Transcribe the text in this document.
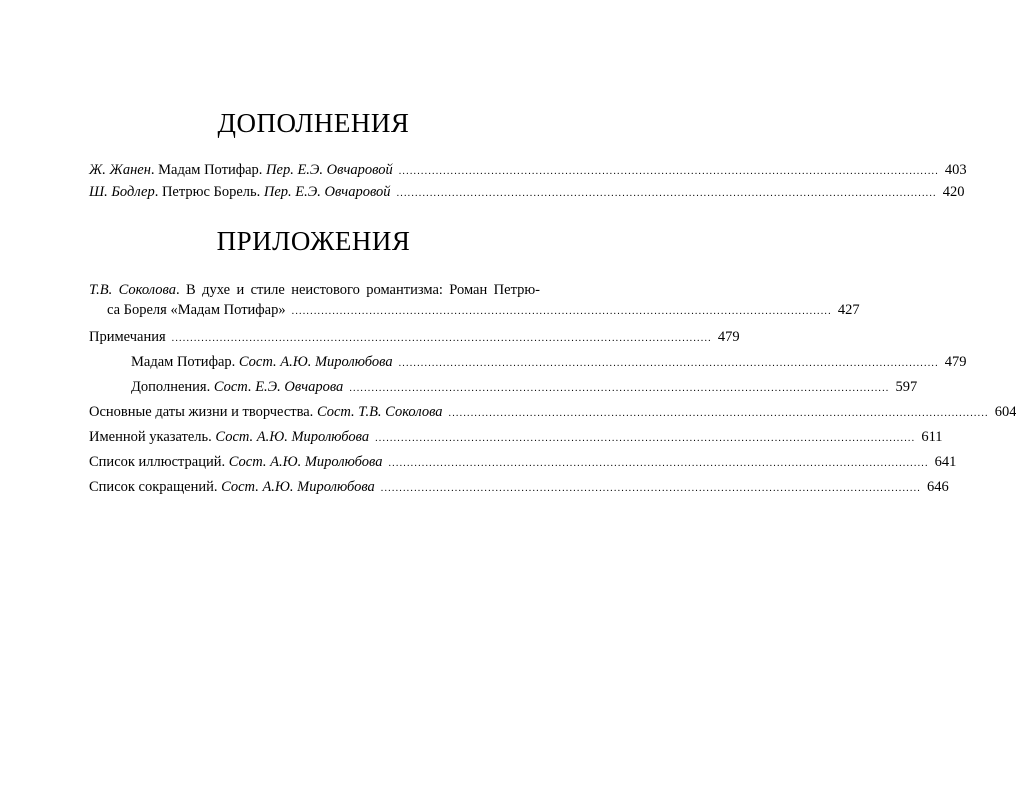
ДОПОЛНЕНИЯ
Ж. Жанен. Мадам Потифар. Пер. Е.Э. Овчаровой .................................................................................................................................................. 403
Ш. Бодлер. Петрюс Борель. Пер. Е.Э. Овчаровой .................................................................................................................................................. 420
ПРИЛОЖЕНИЯ
Т.В. Соколова. В духе и стиле неистового романтизма: Роман Петрю-
са Бореля «Мадам Потифар» .................................................................................................................................................. 427
Примечания .................................................................................................................................................. 479
Мадам Потифар. Сост. А.Ю. Миролюбова .................................................................................................................................................. 479
Дополнения. Сост. Е.Э. Овчарова .................................................................................................................................................. 597
Основные даты жизни и творчества. Сост. Т.В. Соколова .................................................................................................................................................. 604
Именной указатель. Сост. А.Ю. Миролюбова .................................................................................................................................................. 611
Список иллюстраций. Сост. А.Ю. Миролюбова .................................................................................................................................................. 641
Список сокращений. Сост. А.Ю. Миролюбова .................................................................................................................................................. 646
